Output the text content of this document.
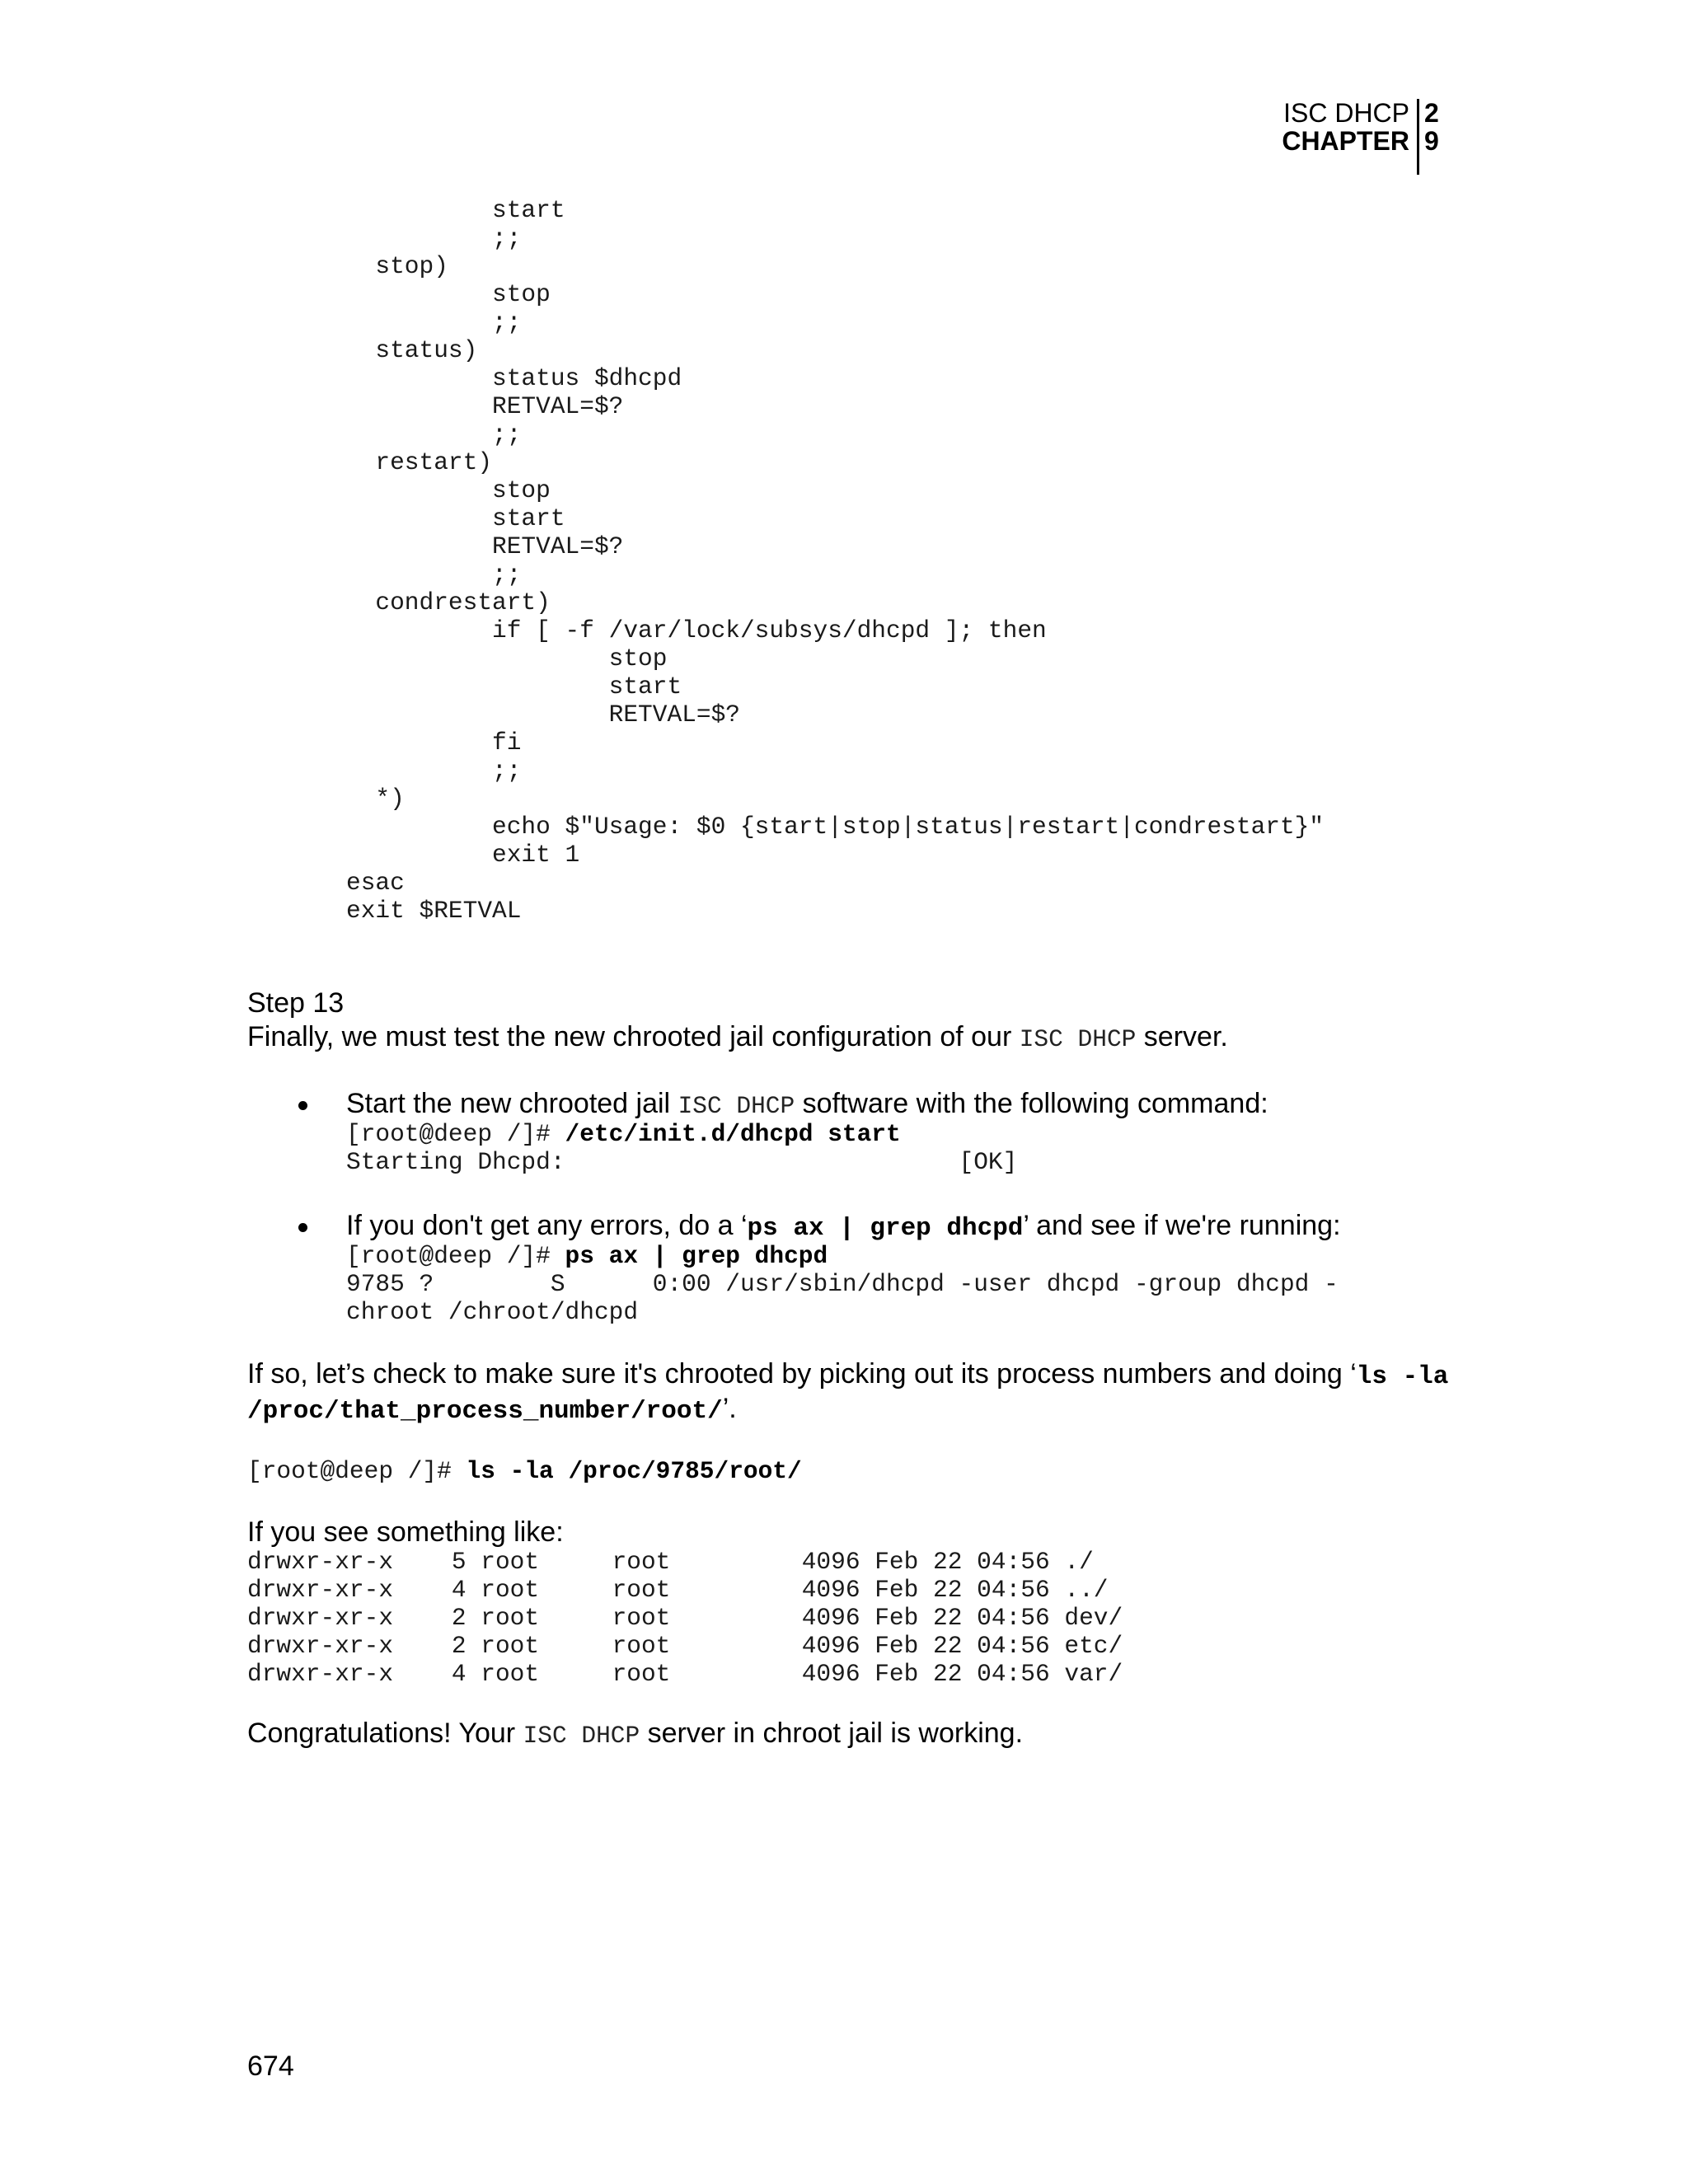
ISC DHCP 2
CHAPTER 9
start
;;
stop)
stop
;;
status)
status $dhcpd
RETVAL=$?
;;
restart)
stop
start
RETVAL=$?
;;
condrestart)
if [ -f /var/lock/subsys/dhcpd ]; then
stop
start
RETVAL=$?
fi
;;
*)
echo $"Usage: $0 {start|stop|status|restart|condrestart}"
exit 1
esac
exit $RETVAL

Step 13

Finally, we must test the new chrooted jail configuration of our ISC DHCP server.

Start the new chrooted jail ISC DHCP software with the following command:

[root@deep /]# /etc/init.d/dhcpd start
Starting Dhcpd:                           [OK]

If you don't get any errors, do a ‘ps ax | grep dhcpd’ and see if we're running:

[root@deep /]# ps ax | grep dhcpd
9785 ?        S      0:00 /usr/sbin/dhcpd -user dhcpd -group dhcpd -
chroot /chroot/dhcpd

If so, let’s check to make sure it's chrooted by picking out its process numbers and doing ‘ls -la

/proc/that_process_number/root/’.

[root@deep /]# ls -la /proc/9785/root/

If you see something like:

drwxr-xr-x    5 root     root         4096 Feb 22 04:56 ./
drwxr-xr-x    4 root     root         4096 Feb 22 04:56 ../
drwxr-xr-x    2 root     root         4096 Feb 22 04:56 dev/
drwxr-xr-x    2 root     root         4096 Feb 22 04:56 etc/
drwxr-xr-x    4 root     root         4096 Feb 22 04:56 var/

Congratulations! Your ISC DHCP server in chroot jail is working.

674
